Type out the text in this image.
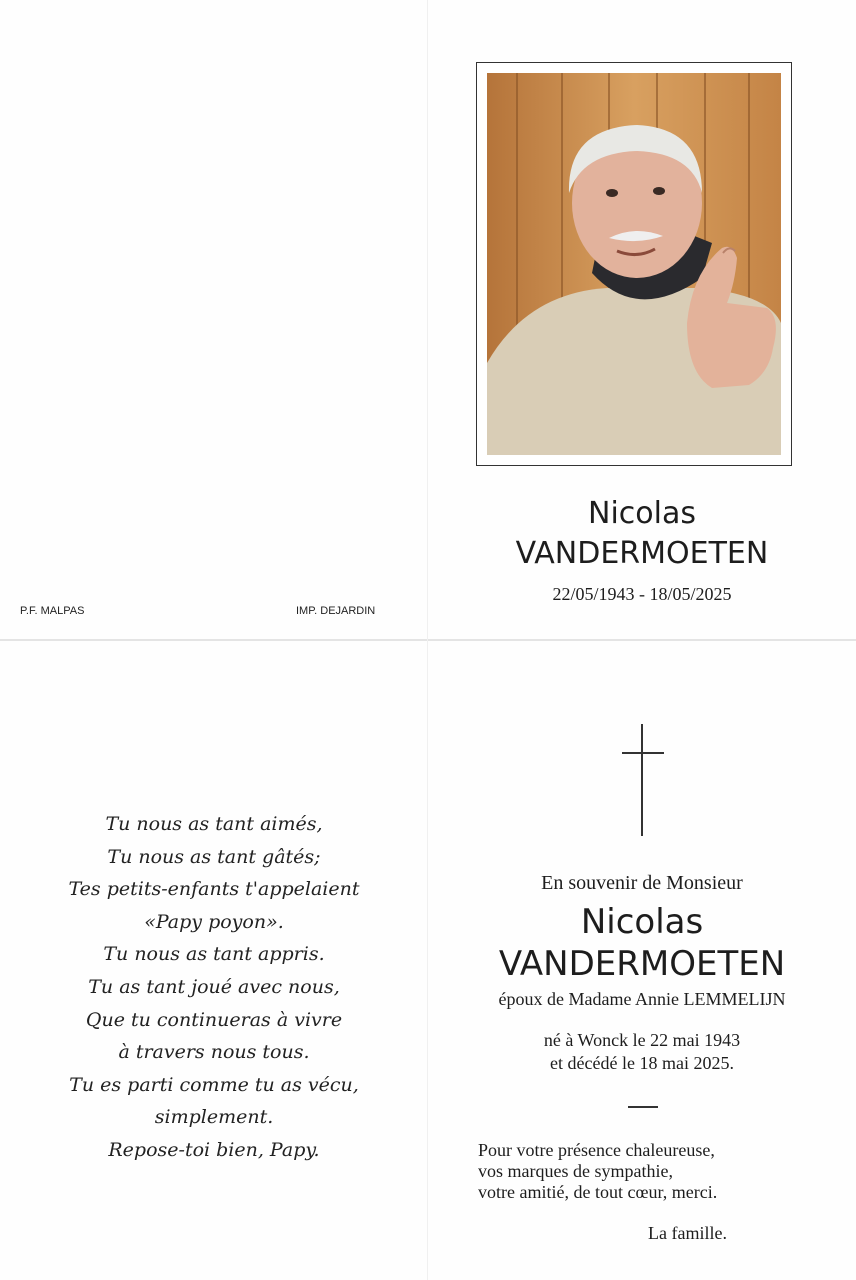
P.F. MALPAS	IMP. DEJARDIN
Nicolas
VANDERMOETEN
22/05/1943 - 18/05/2025
Tu nous as tant aimés,
Tu nous as tant gâtés;
Tes petits-enfants t'appelaient
«Papy poyon».
Tu nous as tant appris.
Tu as tant joué avec nous,
Que tu continueras à vivre
à travers nous tous.
Tu es parti comme tu as vécu,
simplement.
Repose-toi bien, Papy.
En souvenir de Monsieur
Nicolas
VANDERMOETEN
époux de Madame Annie LEMMELIJN
né à Wonck le 22 mai 1943
et décédé le 18 mai 2025.
Pour votre présence chaleureuse,
vos marques de sympathie,
votre amitié, de tout cœur, merci.
La famille.
